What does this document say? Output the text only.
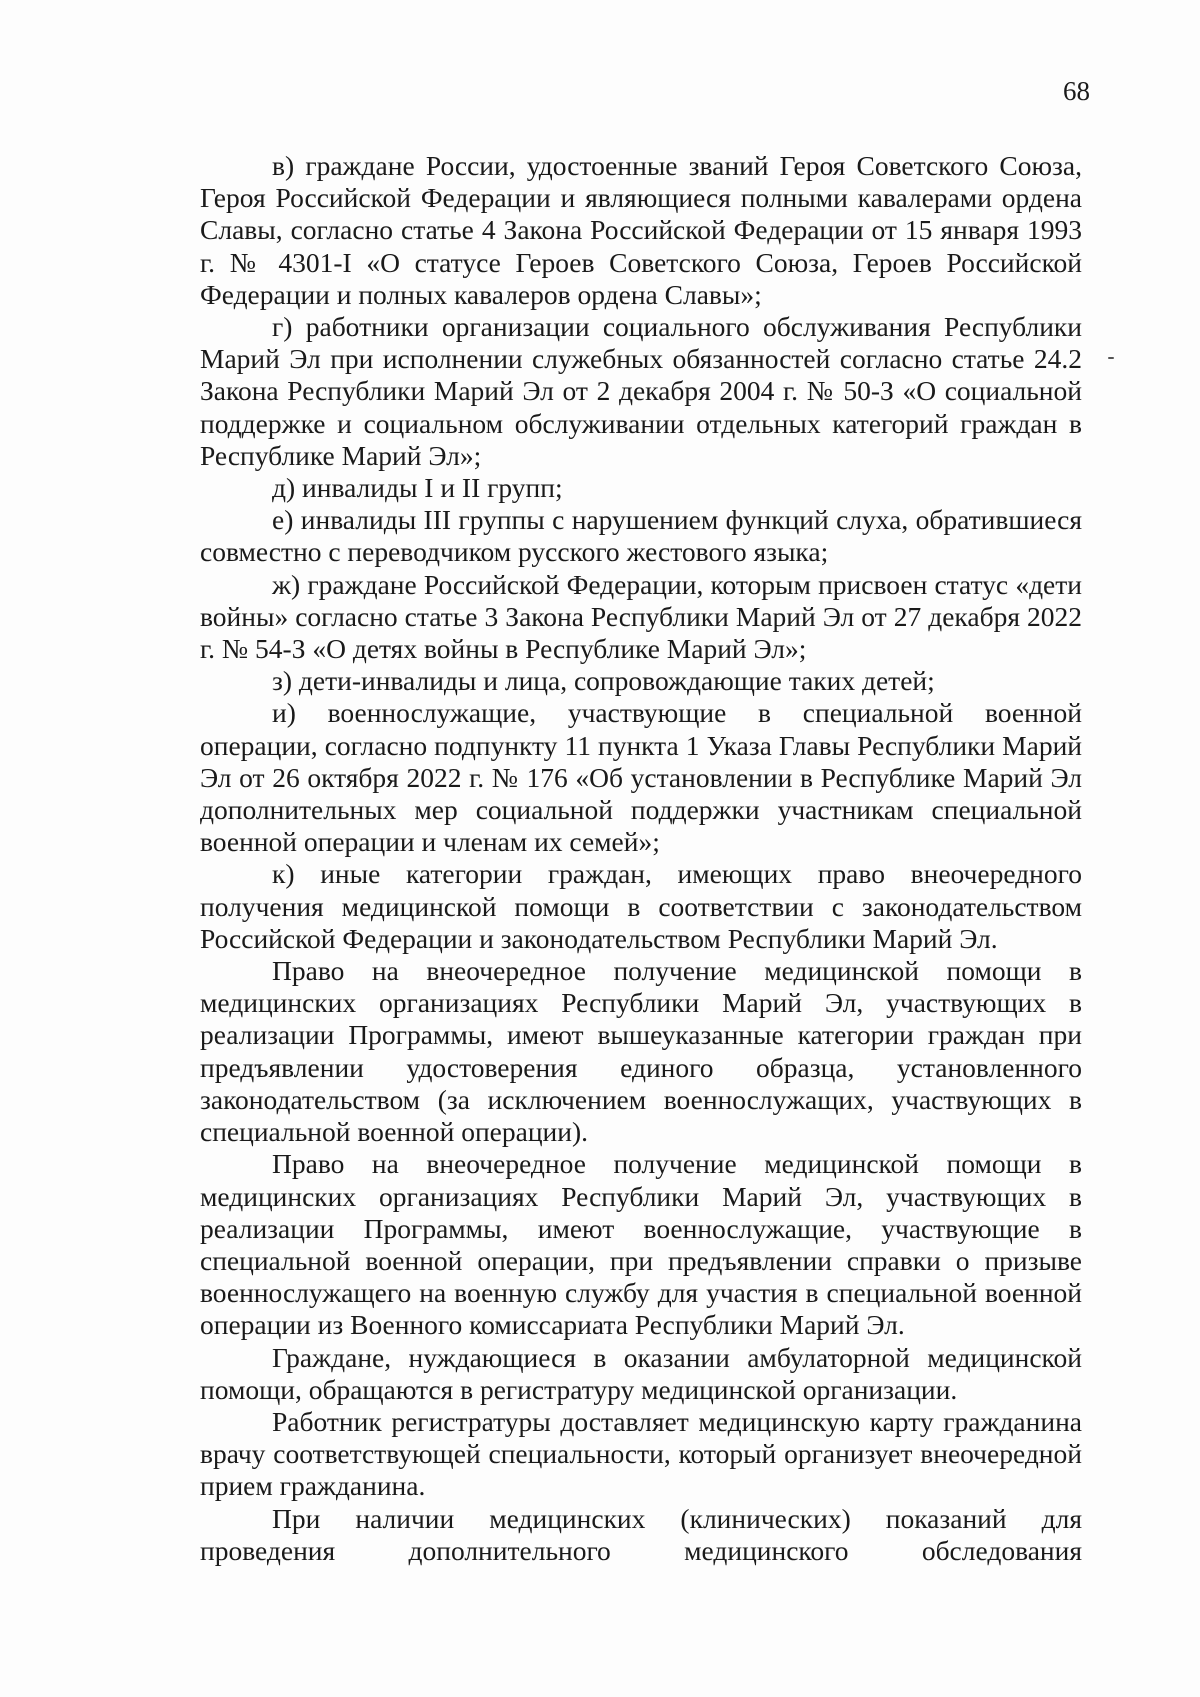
68

в) граждане России, удостоенные званий Героя Советского Союза, Героя Российской Федерации и являющиеся полными кавалерами ордена Славы, согласно статье 4 Закона Российской Федерации от 15 января 1993 г. № 4301-I «О статусе Героев Советского Союза, Героев Российской Федерации и полных кавалеров ордена Славы»;

г) работники организации социального обслуживания Республики Марий Эл при исполнении служебных обязанностей согласно статье 24.2 Закона Республики Марий Эл от 2 декабря 2004 г. № 50-З «О социальной поддержке и социальном обслуживании отдельных категорий граждан в Республике Марий Эл»;

д) инвалиды I и II групп;

е) инвалиды III группы с нарушением функций слуха, обратившиеся совместно с переводчиком русского жестового языка;

ж) граждане Российской Федерации, которым присвоен статус «дети войны» согласно статье 3 Закона Республики Марий Эл от 27 декабря 2022 г. № 54-З «О детях войны в Республике Марий Эл»;

з) дети-инвалиды и лица, сопровождающие таких детей;

и) военнослужащие, участвующие в специальной военной операции, согласно подпункту 11 пункта 1 Указа Главы Республики Марий Эл от 26 октября 2022 г. № 176 «Об установлении в Республике Марий Эл дополнительных мер социальной поддержки участникам специальной военной операции и членам их семей»;

к) иные категории граждан, имеющих право внеочередного получения медицинской помощи в соответствии с законодательством Российской Федерации и законодательством Республики Марий Эл.

Право на внеочередное получение медицинской помощи в медицинских организациях Республики Марий Эл, участвующих в реализации Программы, имеют вышеуказанные категории граждан при предъявлении удостоверения единого образца, установленного законодательством (за исключением военнослужащих, участвующих в специальной военной операции).

Право на внеочередное получение медицинской помощи в медицинских организациях Республики Марий Эл, участвующих в реализации Программы, имеют военнослужащие, участвующие в специальной военной операции, при предъявлении справки о призыве военнослужащего на военную службу для участия в специальной военной операции из Военного комиссариата Республики Марий Эл.

Граждане, нуждающиеся в оказании амбулаторной медицинской помощи, обращаются в регистратуру медицинской организации.

Работник регистратуры доставляет медицинскую карту гражданина врачу соответствующей специальности, который организует внеочередной прием гражданина.

При наличии медицинских (клинических) показаний для проведения дополнительного медицинского обследования
